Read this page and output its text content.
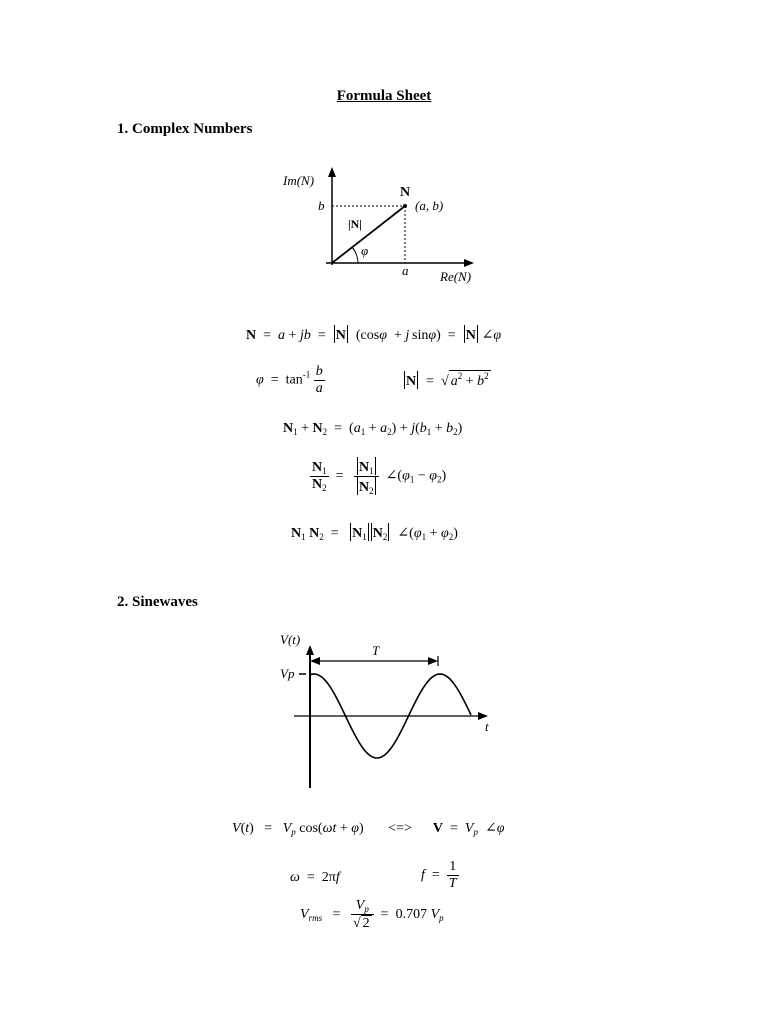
Formula Sheet
1. Complex Numbers
Im(N)
N
(a, b)
b
|N|
φ
a Re(N)
N  =  a + jb  =  N  (cosφ  + j sinφ)  =  N ∠φ
$\varphi = \tan^{-1} \frac{b}{a}$	N  =  √ $a^2 + b^2$
$N_1 + N_2 = (a_1 + a_2) + j(b_1 + b_2)$
$\frac{N_1}{N_2} = \frac{N_1}{N_2}$ $\angle(\varphi_1 - \varphi_2)$
$N_1$ $N_2 = N_1$ $N_2$  $\angle(\varphi_1 + \varphi_2)$
2. Sinewaves
V(t)
Vp
T
t
$V(t) = V_p$ cos(ωt + φ)       <=>      $V = V_p$  ∠φ
ω  =  2πf	$f = \frac{1}{T}$
$V_{rms} = \frac{V_p}{√ 2} = 0.707$ $V_p$
